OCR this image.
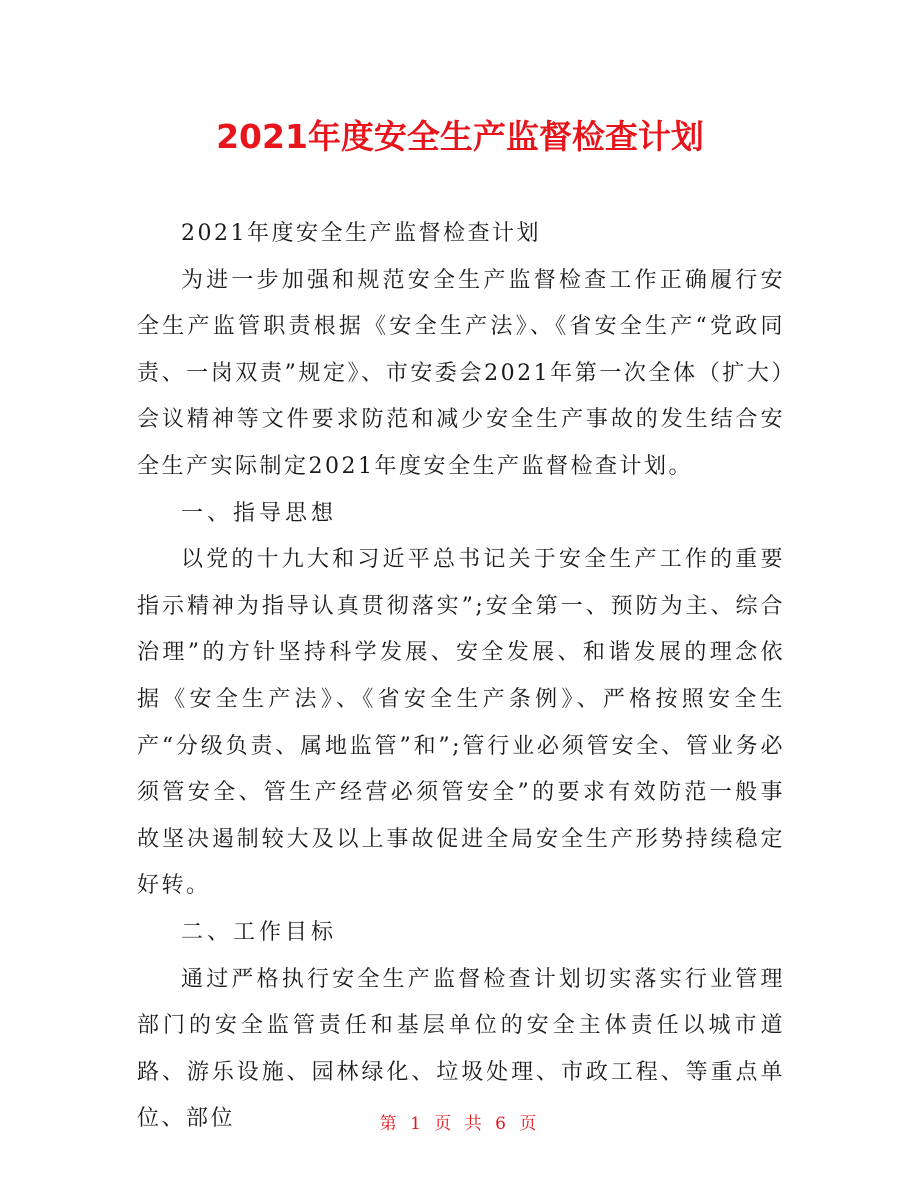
2021年度安全生产监督检查计划

2021年度安全生产监督检查计划

为进一步加强和规范安全生产监督检查工作正确履行安全生产监管职责根据《安全生产法》、《省安全生产“党政同责、一岗双责”规定》、市安委会2021年第一次全体（扩大）会议精神等文件要求防范和减少安全生产事故的发生结合安全生产实际制定2021年度安全生产监督检查计划。

一、指导思想

以党的十九大和习近平总书记关于安全生产工作的重要指示精神为指导认真贯彻落实”;安全第一、预防为主、综合治理”的方针坚持科学发展、安全发展、和谐发展的理念依据《安全生产法》、《省安全生产条例》、严格按照安全生产“分级负责、属地监管”和”;管行业必须管安全、管业务必须管安全、管生产经营必须管安全”的要求有效防范一般事故坚决遏制较大及以上事故促进全局安全生产形势持续稳定好转。

二、工作目标

通过严格执行安全生产监督检查计划切实落实行业管理部门的安全监管责任和基层单位的安全主体责任以城市道路、游乐设施、园林绿化、垃圾处理、市政工程、等重点单位、部位	第 1 页 共 6 页
